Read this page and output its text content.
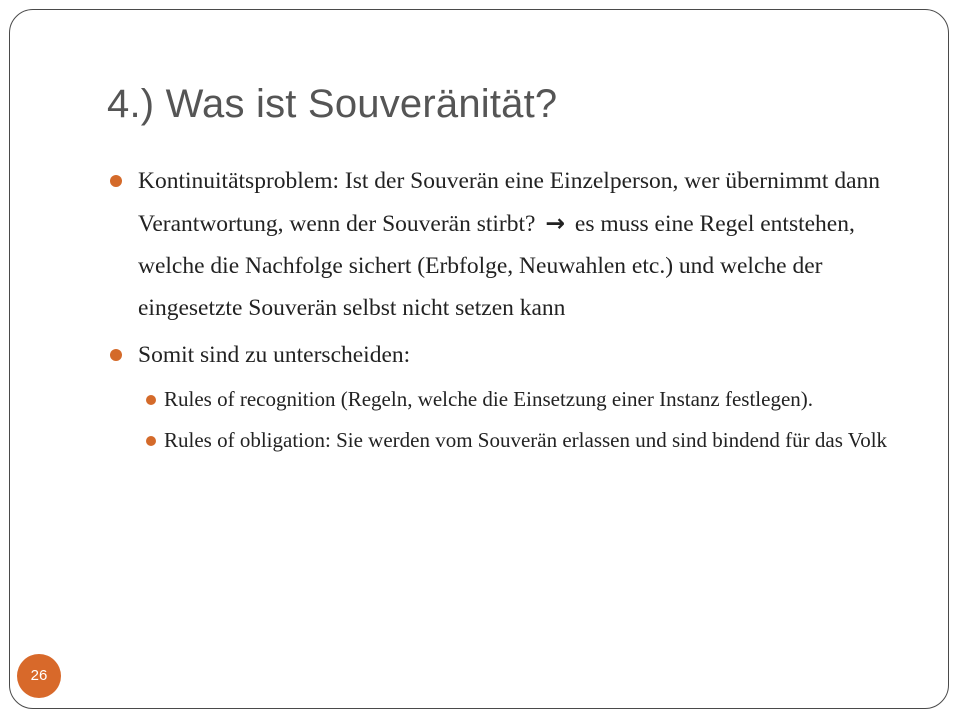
4.) Was ist Souveränität?
Kontinuitätsproblem: Ist der Souverän eine Einzelperson, wer übernimmt dann Verantwortung, wenn der Souverän stirbt? → es muss eine Regel entstehen, welche die Nachfolge sichert (Erbfolge, Neuwahlen etc.) und welche der eingesetzte Souverän selbst nicht setzen kann
Somit sind zu unterscheiden:
Rules of recognition (Regeln, welche die Einsetzung einer Instanz festlegen).
Rules of obligation: Sie werden vom Souverän erlassen und sind bindend für das Volk
26
